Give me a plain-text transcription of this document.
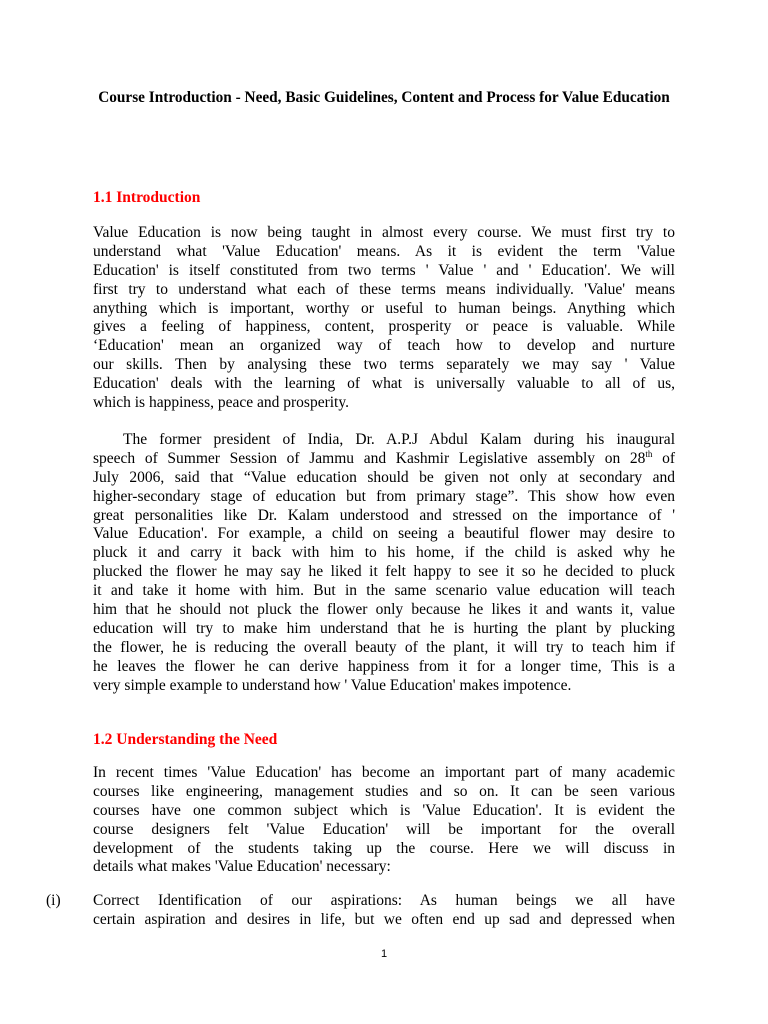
Course Introduction - Need, Basic Guidelines, Content and Process for Value Education
1.1 Introduction
Value Education is now being taught in almost every course. We must first try to
understand what 'Value Education' means. As it is evident the term 'Value
Education' is itself constituted from two terms ' Value ' and ' Education'. We will
first try to understand what each of these terms means individually. 'Value' means
anything which is important, worthy or useful to human beings. Anything which
gives a feeling of happiness, content, prosperity or peace is valuable. While
‘Education' mean an organized way of teach how to develop and nurture
our skills. Then by analysing these two terms separately we may say ' Value
Education' deals with the learning of what is universally valuable to all of us,
which is happiness, peace and prosperity.
The former president of India, Dr. A.P.J Abdul Kalam during his inaugural
speech of Summer Session of Jammu and Kashmir Legislative assembly on 28th of
July 2006, said that “Value education should be given not only at secondary and
higher-secondary stage of education but from primary stage”. This show how even
great personalities like Dr. Kalam understood and stressed on the importance of '
Value Education'. For example, a child on seeing a beautiful flower may desire to
pluck it and carry it back with him to his home, if the child is asked why he
plucked the flower he may say he liked it felt happy to see it so he decided to pluck
it and take it home with him. But in the same scenario value education will teach
him that he should not pluck the flower only because he likes it and wants it, value
education will try to make him understand that he is hurting the plant by plucking
the flower, he is reducing the overall beauty of the plant, it will try to teach him if
he leaves the flower he can derive happiness from it for a longer time, This is a
very simple example to understand how ' Value Education' makes impotence.
1.2 Understanding the Need
In recent times 'Value Education' has become an important part of many academic
courses like engineering, management studies and so on. It can be seen various
courses have one common subject which is 'Value Education'. It is evident the
course designers felt 'Value Education' will be important for the overall
development of the students taking up the course. Here we will discuss in
details what makes 'Value Education' necessary:
(i) Correct Identification of our aspirations: As human beings we all have
certain aspiration and desires in life, but we often end up sad and depressed when
1
